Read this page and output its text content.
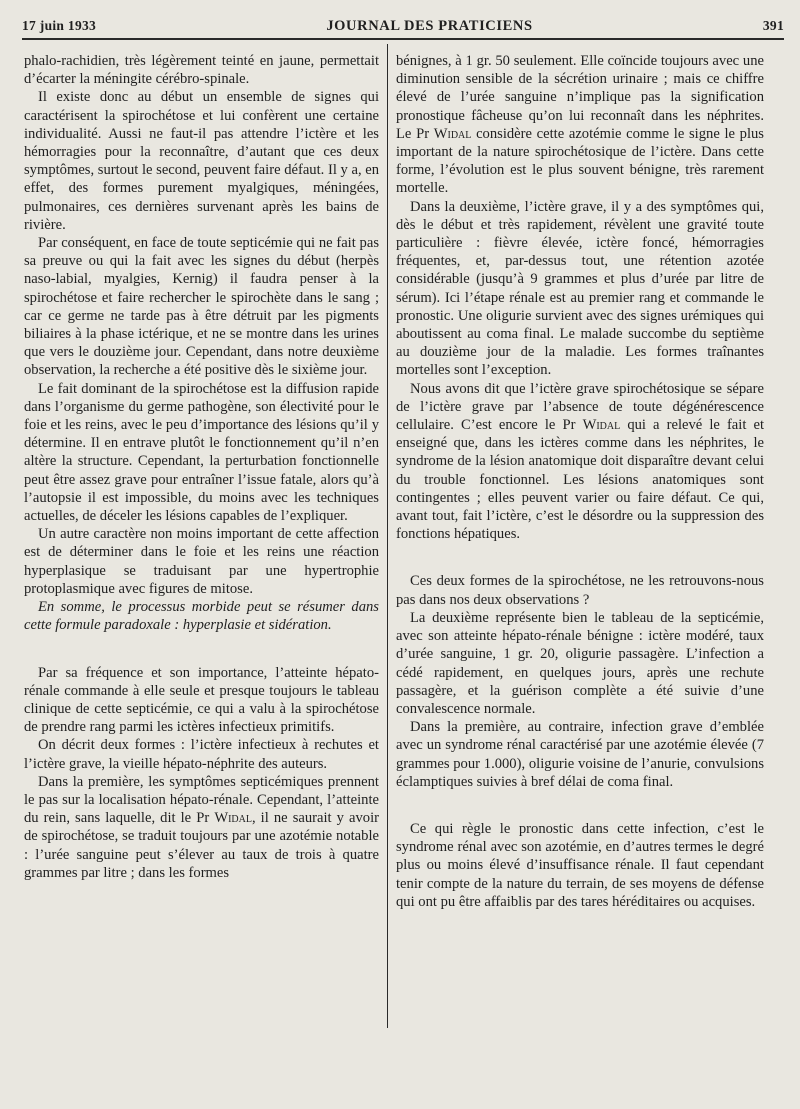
17 juin 1933	JOURNAL DES PRATICIENS	391

phalo-rachidien, très légèrement teinté en jaune, permettait d’écarter la méningite cérébro-spinale.

Il existe donc au début un ensemble de signes qui caractérisent la spirochétose et lui confèrent une certaine individualité. Aussi ne faut-il pas attendre l’ictère et les hémorragies pour la reconnaître, d’autant que ces deux symptômes, surtout le second, peuvent faire défaut. Il y a, en effet, des formes purement myalgiques, méningées, pulmonaires, ces dernières survenant après les bains de rivière.

Par conséquent, en face de toute septicémie qui ne fait pas sa preuve ou qui la fait avec les signes du début (herpès naso-labial, myalgies, Kernig) il faudra penser à la spirochétose et faire rechercher le spirochète dans le sang ; car ce germe ne tarde pas à être détruit par les pigments biliaires à la phase ictérique, et ne se montre dans les urines que vers le douzième jour. Cependant, dans notre deuxième observation, la recherche a été positive dès le sixième jour.

Le fait dominant de la spirochétose est la diffusion rapide dans l’organisme du germe pathogène, son électivité pour le foie et les reins, avec le peu d’importance des lésions qu’il y détermine. Il en entrave plutôt le fonctionnement qu’il n’en altère la structure. Cependant, la perturbation fonctionnelle peut être assez grave pour entraîner l’issue fatale, alors qu’à l’autopsie il est impossible, du moins avec les techniques actuelles, de déceler les lésions capables de l’expliquer.

Un autre caractère non moins important de cette affection est de déterminer dans le foie et les reins une réaction hyperplasique se traduisant par une hypertrophie protoplasmique avec figures de mitose.

En somme, le processus morbide peut se résumer dans cette formule paradoxale : hyperplasie et sidération.

Par sa fréquence et son importance, l’atteinte hépato-rénale commande à elle seule et presque toujours le tableau clinique de cette septicémie, ce qui a valu à la spirochétose de prendre rang parmi les ictères infectieux primitifs.

On décrit deux formes : l’ictère infectieux à rechutes et l’ictère grave, la vieille hépato-néphrite des auteurs.

Dans la première, les symptômes septicémiques prennent le pas sur la localisation hépato-rénale. Cependant, l’atteinte du rein, sans laquelle, dit le Pr Widal, il ne saurait y avoir de spirochétose, se traduit toujours par une azotémie notable : l’urée sanguine peut s’élever au taux de trois à quatre grammes par litre ; dans les formes

bénignes, à 1 gr. 50 seulement. Elle coïncide toujours avec une diminution sensible de la sécrétion urinaire ; mais ce chiffre élevé de l’urée sanguine n’implique pas la signification pronostique fâcheuse qu’on lui reconnaît dans les néphrites. Le Pr Widal considère cette azotémie comme le signe le plus important de la nature spirochétosique de l’ictère. Dans cette forme, l’évolution est le plus souvent bénigne, très rarement mortelle.

Dans la deuxième, l’ictère grave, il y a des symptômes qui, dès le début et très rapidement, révèlent une gravité toute particulière : fièvre élevée, ictère foncé, hémorragies fréquentes, et, par-dessus tout, une rétention azotée considérable (jusqu’à 9 grammes et plus d’urée par litre de sérum). Ici l’étape rénale est au premier rang et commande le pronostic. Une oligurie survient avec des signes urémiques qui aboutissent au coma final. Le malade succombe du septième au douzième jour de la maladie. Les formes traînantes mortelles sont l’exception.

Nous avons dit que l’ictère grave spirochétosique se sépare de l’ictère grave par l’absence de toute dégénérescence cellulaire. C’est encore le Pr Widal qui a relevé le fait et enseigné que, dans les ictères comme dans les néphrites, le syndrome de la lésion anatomique doit disparaître devant celui du trouble fonctionnel. Les lésions anatomiques sont contingentes ; elles peuvent varier ou faire défaut. Ce qui, avant tout, fait l’ictère, c’est le désordre ou la suppression des fonctions hépatiques.

Ces deux formes de la spirochétose, ne les retrouvons-nous pas dans nos deux observations ?

La deuxième représente bien le tableau de la septicémie, avec son atteinte hépato-rénale bénigne : ictère modéré, taux d’urée sanguine, 1 gr. 20, oligurie passagère. L’infection a cédé rapidement, en quelques jours, après une rechute passagère, et la guérison complète a été suivie d’une convalescence normale.

Dans la première, au contraire, infection grave d’emblée avec un syndrome rénal caractérisé par une azotémie élevée (7 grammes pour 1.000), oligurie voisine de l’anurie, convulsions éclamptiques suivies à bref délai de coma final.

Ce qui règle le pronostic dans cette infection, c’est le syndrome rénal avec son azotémie, en d’autres termes le degré plus ou moins élevé d’insuffisance rénale. Il faut cependant tenir compte de la nature du terrain, de ses moyens de défense qui ont pu être affaiblis par des tares héréditaires ou acquises.
